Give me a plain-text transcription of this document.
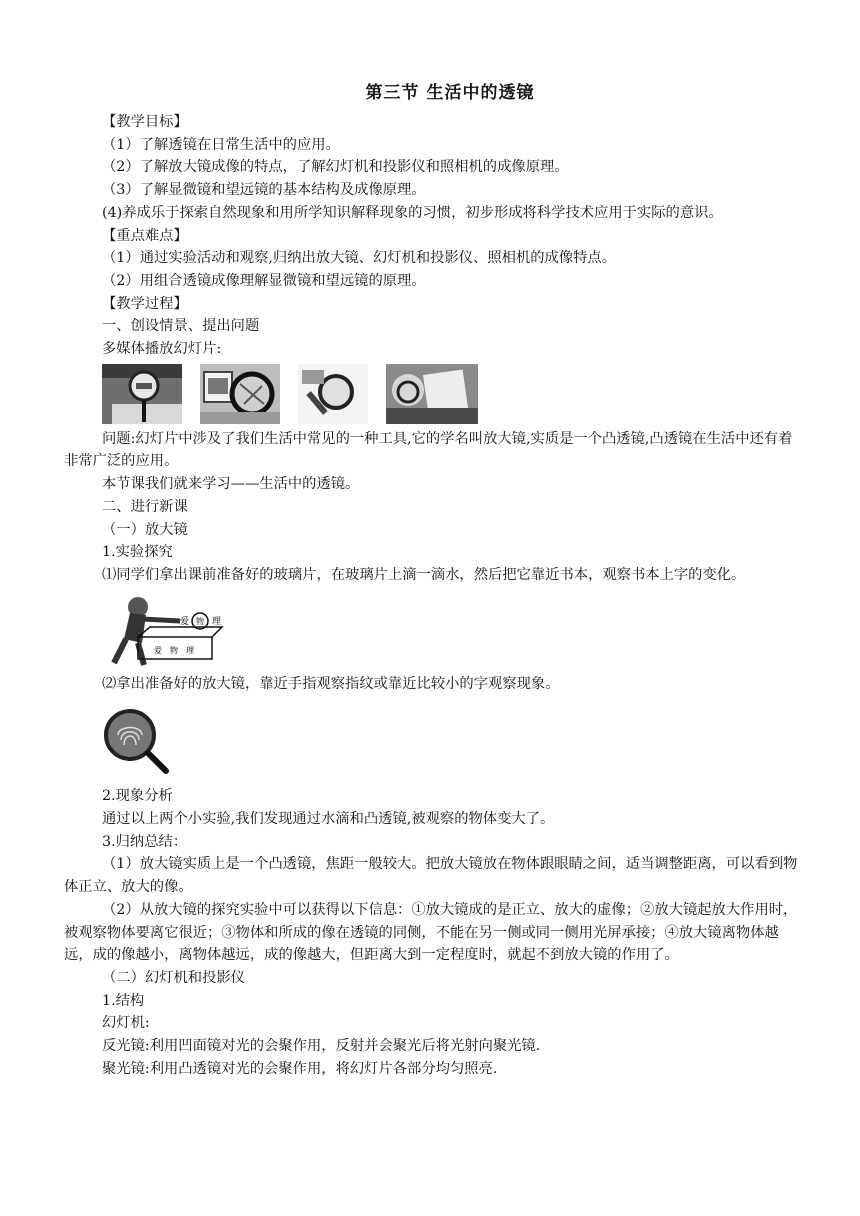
第三节 生活中的透镜

【教学目标】

（1）了解透镜在日常生活中的应用。

（2）了解放大镜成像的特点，了解幻灯机和投影仪和照相机的成像原理。

（3）了解显微镜和望远镜的基本结构及成像原理。

(4)养成乐于探索自然现象和用所学知识解释现象的习惯，初步形成将科学技术应用于实际的意识。

【重点难点】

（1）通过实验活动和观察,归纳出放大镜、幻灯机和投影仪、照相机的成像特点。

（2）用组合透镜成像理解显微镜和望远镜的原理。

【教学过程】

一、创设情景、提出问题

多媒体播放幻灯片:

问题:幻灯片中涉及了我们生活中常见的一种工具,它的学名叫放大镜,实质是一个凸透镜,凸透镜在生活中还有着非常广泛的应用。

本节课我们就来学习——生活中的透镜。

二、进行新课

（一）放大镜

1.实验探究

⑴同学们拿出课前准备好的玻璃片，在玻璃片上滴一滴水，然后把它靠近书本，观察书本上字的变化。

爱 物 理
爱 物 理

⑵拿出准备好的放大镜，靠近手指观察指纹或靠近比较小的字观察现象。

2.现象分析

通过以上两个小实验,我们发现通过水滴和凸透镜,被观察的物体变大了。

3.归纳总结：

（1）放大镜实质上是一个凸透镜，焦距一般较大。把放大镜放在物体跟眼睛之间，适当调整距离，可以看到物体正立、放大的像。

（2）从放大镜的探究实验中可以获得以下信息：①放大镜成的是正立、放大的虚像；②放大镜起放大作用时，被观察物体要离它很近；③物体和所成的像在透镜的同侧，不能在另一侧或同一侧用光屏承接；④放大镜离物体越远，成的像越小，离物体越远，成的像越大，但距离大到一定程度时，就起不到放大镜的作用了。

（二）幻灯机和投影仪

1.结构

幻灯机:

反光镜:利用凹面镜对光的会聚作用，反射并会聚光后将光射向聚光镜.

聚光镜:利用凸透镜对光的会聚作用，将幻灯片各部分均匀照亮.
